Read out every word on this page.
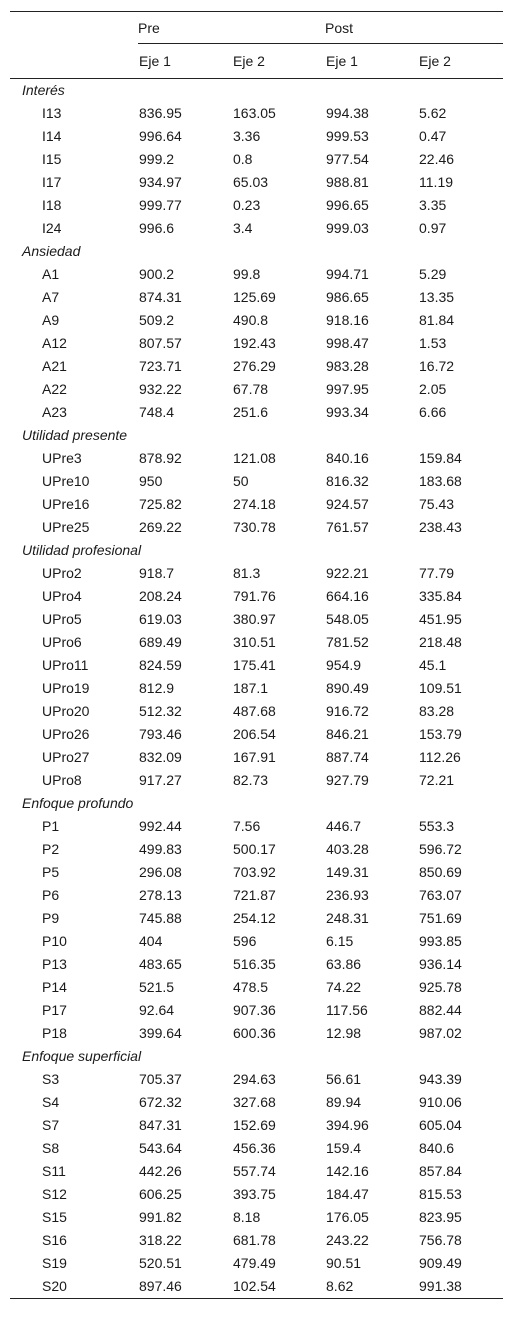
	Pre		Post	
	Eje 1	Eje 2	Eje 1	Eje 2
Interés				
I13	836.95	163.05	994.38	5.62
I14	996.64	3.36	999.53	0.47
I15	999.2	0.8	977.54	22.46
I17	934.97	65.03	988.81	11.19
I18	999.77	0.23	996.65	3.35
I24	996.6	3.4	999.03	0.97
Ansiedad				
A1	900.2	99.8	994.71	5.29
A7	874.31	125.69	986.65	13.35
A9	509.2	490.8	918.16	81.84
A12	807.57	192.43	998.47	1.53
A21	723.71	276.29	983.28	16.72
A22	932.22	67.78	997.95	2.05
A23	748.4	251.6	993.34	6.66
Utilidad presente				
UPre3	878.92	121.08	840.16	159.84
UPre10	950	50	816.32	183.68
UPre16	725.82	274.18	924.57	75.43
UPre25	269.22	730.78	761.57	238.43
Utilidad profesional				
UPro2	918.7	81.3	922.21	77.79
UPro4	208.24	791.76	664.16	335.84
UPro5	619.03	380.97	548.05	451.95
UPro6	689.49	310.51	781.52	218.48
UPro11	824.59	175.41	954.9	45.1
UPro19	812.9	187.1	890.49	109.51
UPro20	512.32	487.68	916.72	83.28
UPro26	793.46	206.54	846.21	153.79
UPro27	832.09	167.91	887.74	112.26
UPro8	917.27	82.73	927.79	72.21
Enfoque profundo				
P1	992.44	7.56	446.7	553.3
P2	499.83	500.17	403.28	596.72
P5	296.08	703.92	149.31	850.69
P6	278.13	721.87	236.93	763.07
P9	745.88	254.12	248.31	751.69
P10	404	596	6.15	993.85
P13	483.65	516.35	63.86	936.14
P14	521.5	478.5	74.22	925.78
P17	92.64	907.36	117.56	882.44
P18	399.64	600.36	12.98	987.02
Enfoque superficial				
S3	705.37	294.63	56.61	943.39
S4	672.32	327.68	89.94	910.06
S7	847.31	152.69	394.96	605.04
S8	543.64	456.36	159.4	840.6
S11	442.26	557.74	142.16	857.84
S12	606.25	393.75	184.47	815.53
S15	991.82	8.18	176.05	823.95
S16	318.22	681.78	243.22	756.78
S19	520.51	479.49	90.51	909.49
S20	897.46	102.54	8.62	991.38
